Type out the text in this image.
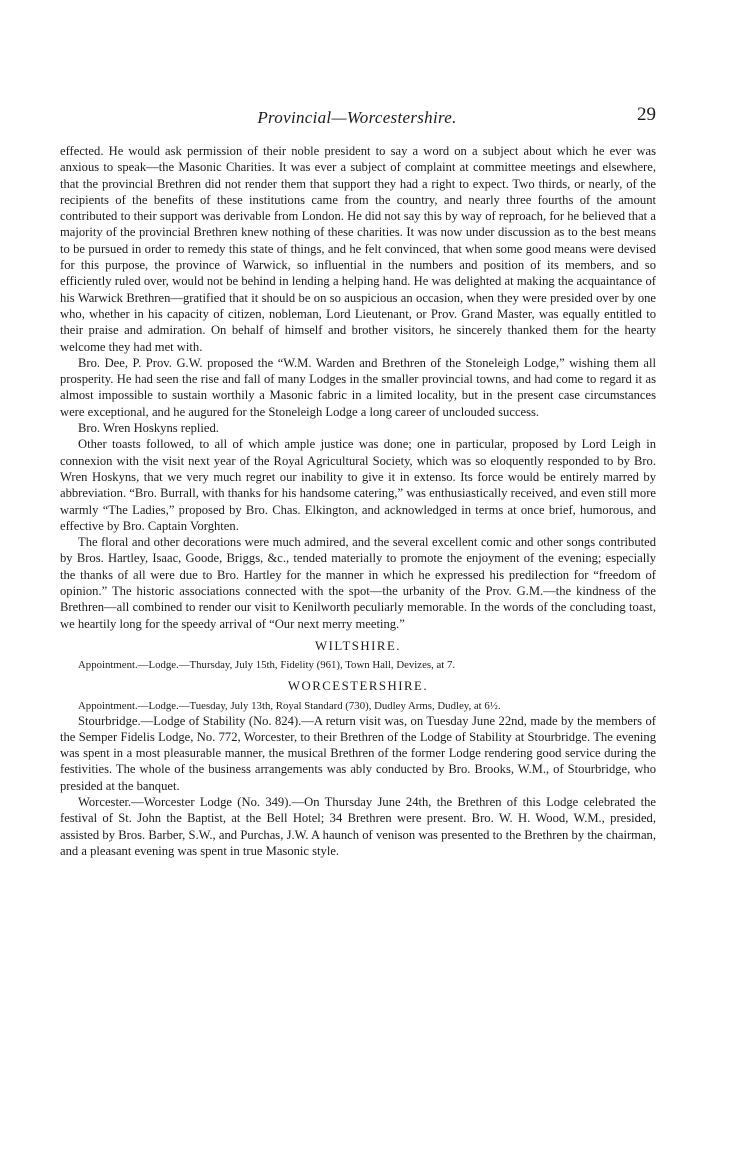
Provincial—Worcestershire.	29

effected. He would ask permission of their noble president to say a word on a subject about which he ever was anxious to speak—the Masonic Charities. It was ever a subject of complaint at committee meetings and elsewhere, that the provincial Brethren did not render them that support they had a right to expect. Two thirds, or nearly, of the recipients of the benefits of these institutions came from the country, and nearly three fourths of the amount contributed to their support was derivable from London. He did not say this by way of reproach, for he believed that a majority of the provincial Brethren knew nothing of these charities. It was now under discussion as to the best means to be pursued in order to remedy this state of things, and he felt convinced, that when some good means were devised for this purpose, the province of Warwick, so influential in the numbers and position of its members, and so efficiently ruled over, would not be behind in lending a helping hand. He was delighted at making the acquaintance of his Warwick Brethren—gratified that it should be on so auspicious an occasion, when they were presided over by one who, whether in his capacity of citizen, nobleman, Lord Lieutenant, or Prov. Grand Master, was equally entitled to their praise and admiration. On behalf of himself and brother visitors, he sincerely thanked them for the hearty welcome they had met with.

Bro. Dee, P. Prov. G.W. proposed the “W.M. Warden and Brethren of the Stoneleigh Lodge,” wishing them all prosperity. He had seen the rise and fall of many Lodges in the smaller provincial towns, and had come to regard it as almost impossible to sustain worthily a Masonic fabric in a limited locality, but in the present case circumstances were exceptional, and he augured for the Stoneleigh Lodge a long career of unclouded success.

Bro. Wren Hoskyns replied.

Other toasts followed, to all of which ample justice was done; one in particular, proposed by Lord Leigh in connexion with the visit next year of the Royal Agricultural Society, which was so eloquently responded to by Bro. Wren Hoskyns, that we very much regret our inability to give it in extenso. Its force would be entirely marred by abbreviation. “Bro. Burrall, with thanks for his handsome catering,” was enthusiastically received, and even still more warmly “The Ladies,” proposed by Bro. Chas. Elkington, and acknowledged in terms at once brief, humorous, and effective by Bro. Captain Vorghten.

The floral and other decorations were much admired, and the several excellent comic and other songs contributed by Bros. Hartley, Isaac, Goode, Briggs, &c., tended materially to promote the enjoyment of the evening; especially the thanks of all were due to Bro. Hartley for the manner in which he expressed his predilection for “freedom of opinion.” The historic associations connected with the spot—the urbanity of the Prov. G.M.—the kindness of the Brethren—all combined to render our visit to Kenilworth peculiarly memorable. In the words of the concluding toast, we heartily long for the speedy arrival of “Our next merry meeting.”

WILTSHIRE.

Appointment.—Lodge.—Thursday, July 15th, Fidelity (961), Town Hall, Devizes, at 7.

WORCESTERSHIRE.

Appointment.—Lodge.—Tuesday, July 13th, Royal Standard (730), Dudley Arms, Dudley, at 6½.

Stourbridge.—Lodge of Stability (No. 824).—A return visit was, on Tuesday June 22nd, made by the members of the Semper Fidelis Lodge, No. 772, Worcester, to their Brethren of the Lodge of Stability at Stourbridge. The evening was spent in a most pleasurable manner, the musical Brethren of the former Lodge rendering good service during the festivities. The whole of the business arrangements was ably conducted by Bro. Brooks, W.M., of Stourbridge, who presided at the banquet.

Worcester.—Worcester Lodge (No. 349).—On Thursday June 24th, the Brethren of this Lodge celebrated the festival of St. John the Baptist, at the Bell Hotel; 34 Brethren were present. Bro. W. H. Wood, W.M., presided, assisted by Bros. Barber, S.W., and Purchas, J.W. A haunch of venison was presented to the Brethren by the chairman, and a pleasant evening was spent in true Masonic style.
